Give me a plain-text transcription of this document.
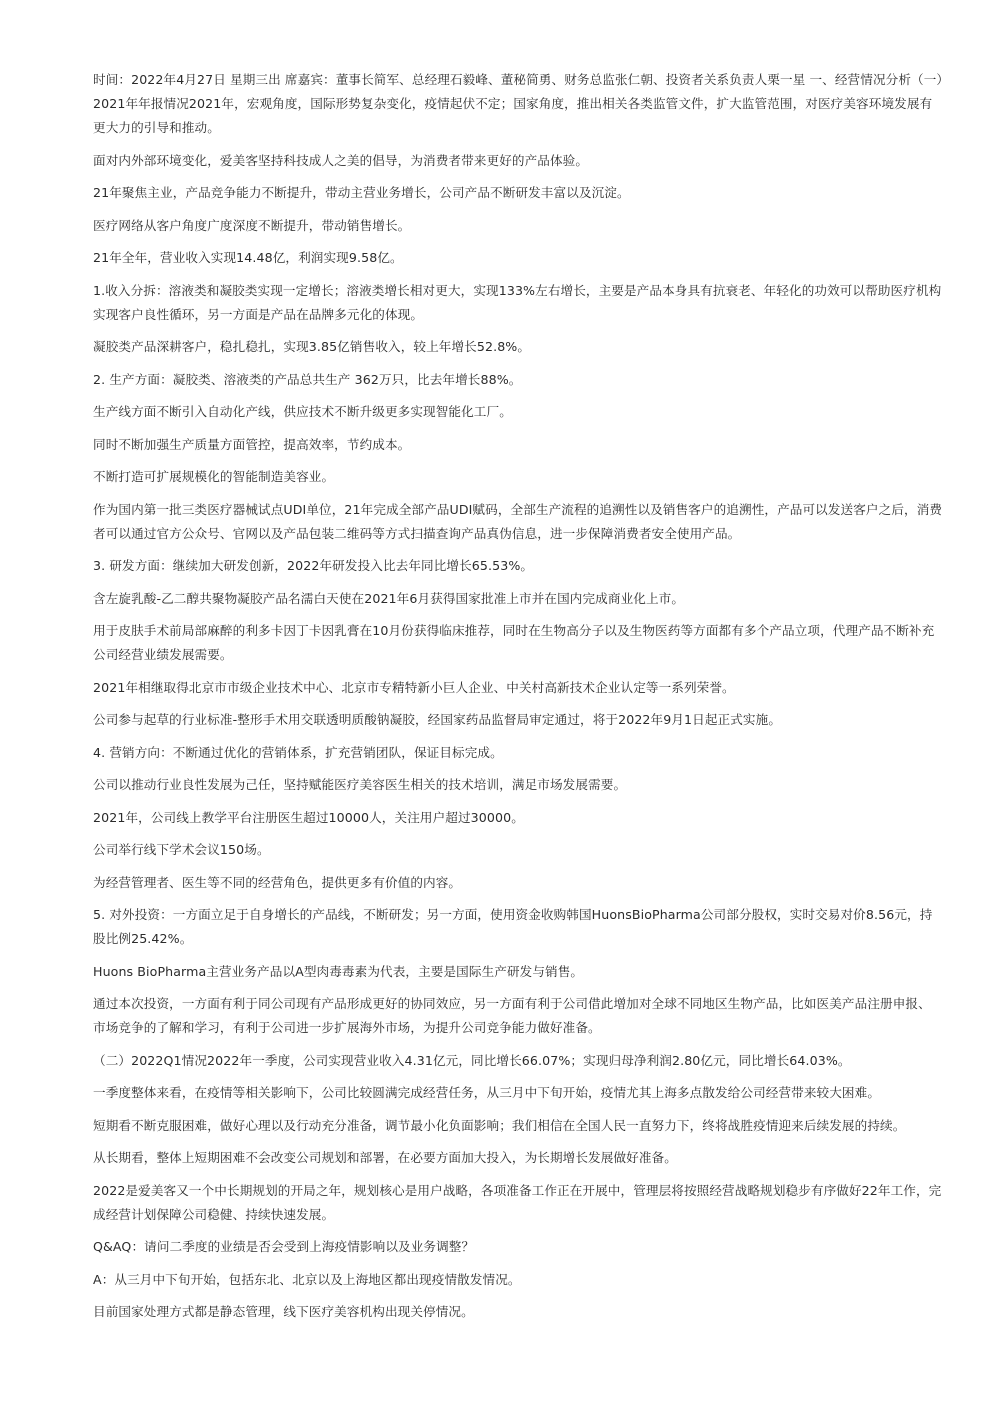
时间：2022年4月27日 星期三出 席嘉宾：董事长简军、总经理石毅峰、董秘简勇、财务总监张仁朝、投资者关系负责人栗一星 一、经营情况分析（一）2021年年报情况2021年，宏观角度，国际形势复杂变化，疫情起伏不定；国家角度，推出相关各类监管文件，扩大监管范围，对医疗美容环境发展有更大力的引导和推动。

面对内外部环境变化，爱美客坚持科技成人之美的倡导，为消费者带来更好的产品体验。

21年聚焦主业，产品竞争能力不断提升，带动主营业务增长，公司产品不断研发丰富以及沉淀。

医疗网络从客户角度广度深度不断提升，带动销售增长。

21年全年，营业收入实现14.48亿，利润实现9.58亿。

1.收入分拆：溶液类和凝胶类实现一定增长；溶液类增长相对更大，实现133%左右增长，主要是产品本身具有抗衰老、年轻化的功效可以帮助医疗机构实现客户良性循环，另一方面是产品在品牌多元化的体现。

凝胶类产品深耕客户，稳扎稳扎，实现3.85亿销售收入，较上年增长52.8%。

2. 生产方面：凝胶类、溶液类的产品总共生产 362万只，比去年增长88%。

生产线方面不断引入自动化产线，供应技术不断升级更多实现智能化工厂。

同时不断加强生产质量方面管控，提高效率，节约成本。

不断打造可扩展规模化的智能制造美容业。

作为国内第一批三类医疗器械试点UDI单位，21年完成全部产品UDI赋码，全部生产流程的追溯性以及销售客户的追溯性，产品可以发送客户之后，消费者可以通过官方公众号、官网以及产品包装二维码等方式扫描查询产品真伪信息，进一步保障消费者安全使用产品。

3. 研发方面：继续加大研发创新，2022年研发投入比去年同比增长65.53%。

含左旋乳酸-乙二醇共聚物凝胶产品名濡白天使在2021年6月获得国家批准上市并在国内完成商业化上市。

用于皮肤手术前局部麻醉的利多卡因丁卡因乳膏在10月份获得临床推荐，同时在生物高分子以及生物医药等方面都有多个产品立项，代理产品不断补充公司经营业绩发展需要。

2021年相继取得北京市市级企业技术中心、北京市专精特新小巨人企业、中关村高新技术企业认定等一系列荣誉。

公司参与起草的行业标准-整形手术用交联透明质酸钠凝胶，经国家药品监督局审定通过，将于2022年9月1日起正式实施。

4. 营销方向：不断通过优化的营销体系，扩充营销团队，保证目标完成。

公司以推动行业良性发展为己任，坚持赋能医疗美容医生相关的技术培训，满足市场发展需要。

2021年，公司线上教学平台注册医生超过10000人，关注用户超过30000。

公司举行线下学术会议150场。

为经营管理者、医生等不同的经营角色，提供更多有价值的内容。

5. 对外投资：一方面立足于自身增长的产品线，不断研发；另一方面，使用资金收购韩国HuonsBioPharma公司部分股权，实时交易对价8.56元，持股比例25.42%。

Huons BioPharma主营业务产品以A型肉毒毒素为代表，主要是国际生产研发与销售。

通过本次投资，一方面有利于同公司现有产品形成更好的协同效应，另一方面有利于公司借此增加对全球不同地区生物产品，比如医美产品注册申报、市场竞争的了解和学习，有利于公司进一步扩展海外市场，为提升公司竞争能力做好准备。

（二）2022Q1情况2022年一季度，公司实现营业收入4.31亿元，同比增长66.07%；实现归母净利润2.80亿元，同比增长64.03%。

一季度整体来看，在疫情等相关影响下，公司比较圆满完成经营任务，从三月中下旬开始，疫情尤其上海多点散发给公司经营带来较大困难。

短期看不断克服困难，做好心理以及行动充分准备，调节最小化负面影响；我们相信在全国人民一直努力下，终将战胜疫情迎来后续发展的持续。

从长期看，整体上短期困难不会改变公司规划和部署，在必要方面加大投入，为长期增长发展做好准备。

2022是爱美客又一个中长期规划的开局之年，规划核心是用户战略，各项准备工作正在开展中，管理层将按照经营战略规划稳步有序做好22年工作，完成经营计划保障公司稳健、持续快速发展。

Q&AQ：请问二季度的业绩是否会受到上海疫情影响以及业务调整？

A：从三月中下旬开始，包括东北、北京以及上海地区都出现疫情散发情况。

目前国家处理方式都是静态管理，线下医疗美容机构出现关停情况。
